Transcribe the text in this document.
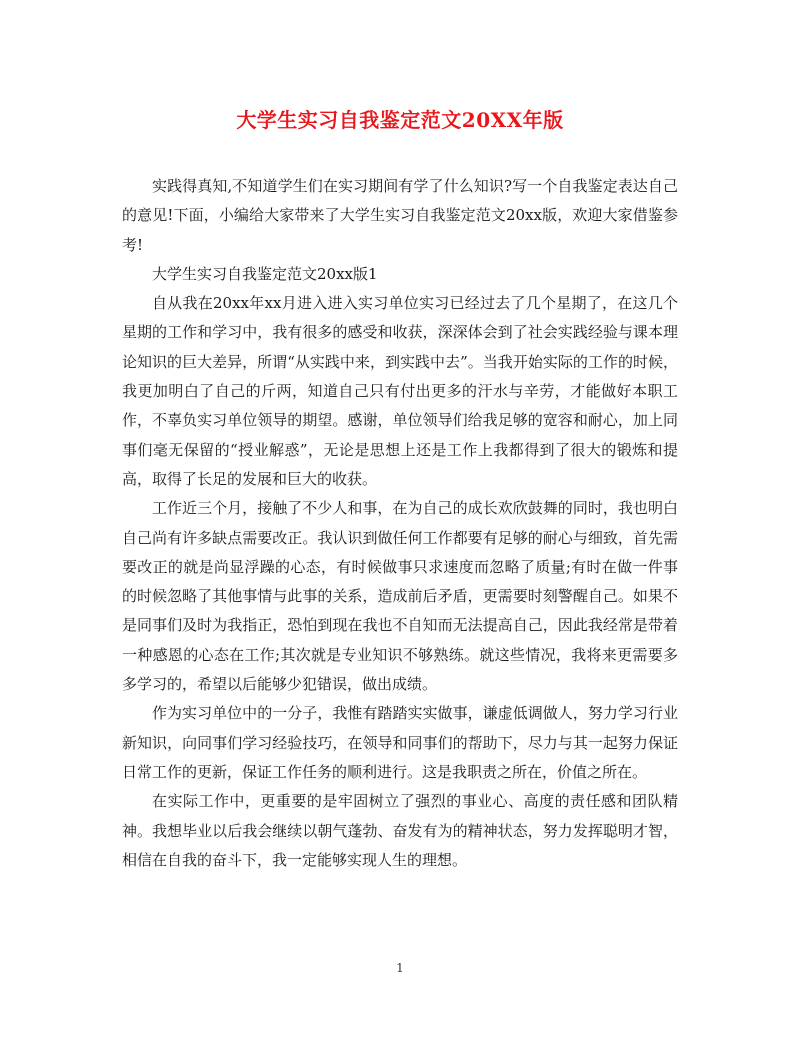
大学生实习自我鉴定范文20XX年版

实践得真知,不知道学生们在实习期间有学了什么知识?写一个自我鉴定表达自己的意见!下面，小编给大家带来了大学生实习自我鉴定范文20xx版，欢迎大家借鉴参考!

大学生实习自我鉴定范文20xx版1

自从我在20xx年xx月进入进入实习单位实习已经过去了几个星期了，在这几个星期的工作和学习中，我有很多的感受和收获，深深体会到了社会实践经验与课本理论知识的巨大差异，所谓“从实践中来，到实践中去”。当我开始实际的工作的时候，我更加明白了自己的斤两，知道自己只有付出更多的汗水与辛劳，才能做好本职工作，不辜负实习单位领导的期望。感谢，单位领导们给我足够的宽容和耐心，加上同事们毫无保留的“授业解惑”，无论是思想上还是工作上我都得到了很大的锻炼和提高，取得了长足的发展和巨大的收获。

工作近三个月，接触了不少人和事，在为自己的成长欢欣鼓舞的同时，我也明白自己尚有许多缺点需要改正。我认识到做任何工作都要有足够的耐心与细致，首先需要改正的就是尚显浮躁的心态，有时候做事只求速度而忽略了质量;有时在做一件事的时候忽略了其他事情与此事的关系，造成前后矛盾，更需要时刻警醒自己。如果不是同事们及时为我指正，恐怕到现在我也不自知而无法提高自己，因此我经常是带着一种感恩的心态在工作;其次就是专业知识不够熟练。就这些情况，我将来更需要多多学习的，希望以后能够少犯错误，做出成绩。

作为实习单位中的一分子，我惟有踏踏实实做事，谦虚低调做人，努力学习行业新知识，向同事们学习经验技巧，在领导和同事们的帮助下，尽力与其一起努力保证日常工作的更新，保证工作任务的顺利进行。这是我职责之所在，价值之所在。

在实际工作中，更重要的是牢固树立了强烈的事业心、高度的责任感和团队精神。我想毕业以后我会继续以朝气蓬勃、奋发有为的精神状态，努力发挥聪明才智，相信在自我的奋斗下，我一定能够实现人生的理想。

1
